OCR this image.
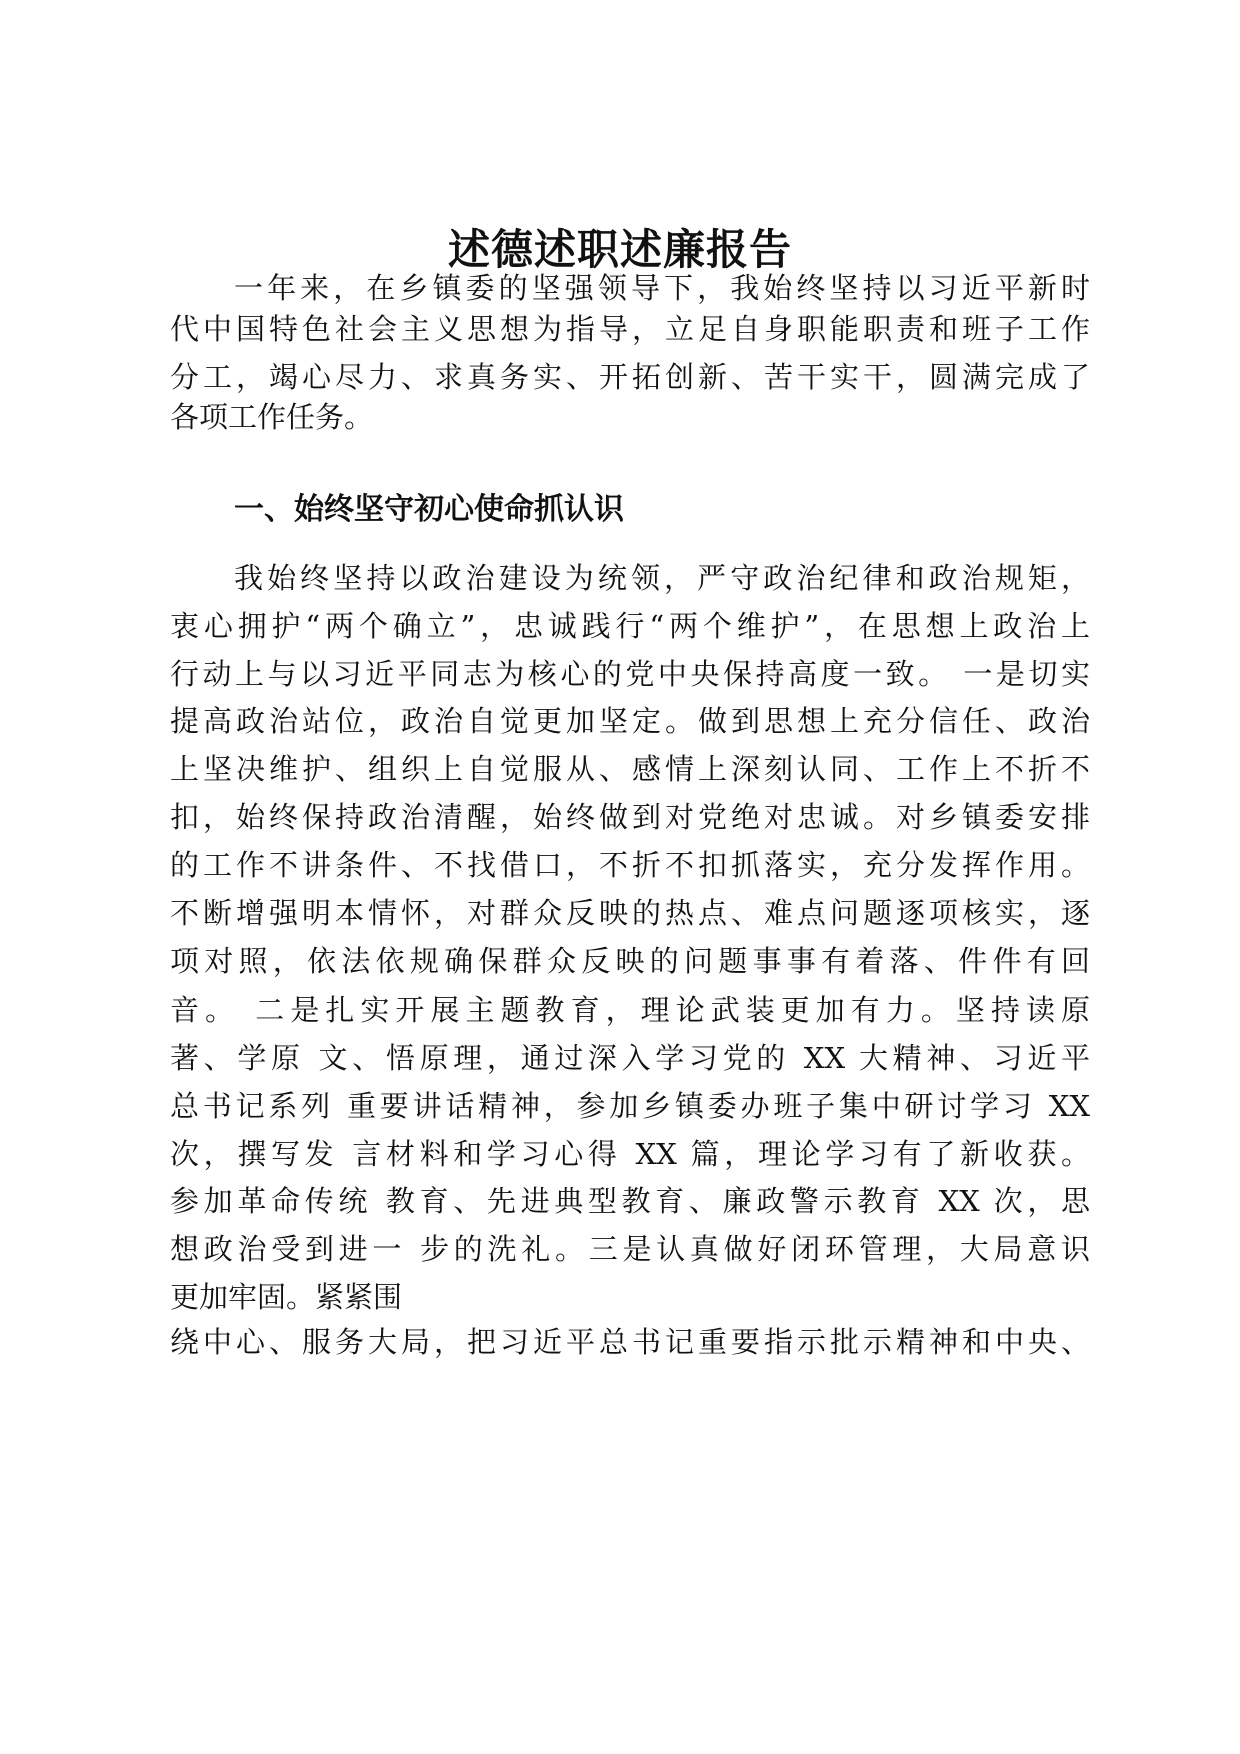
述德述职述廉报告
一年来，在乡镇委的坚强领导下，我始终坚持以习近平新时
代中国特色社会主义思想为指导，立足自身职能职责和班子工作
分工，竭心尽力、求真务实、开拓创新、苦干实干，圆满完成了
各项工作任务。
一、始终坚守初心使命抓认识
我始终坚持以政治建设为统领，严守政治纪律和政治规矩，
衷心拥护“两个确立”，忠诚践行“两个维护”，在思想上政治上
行动上与以习近平同志为核心的党中央保持高度一致。 一是切实
提高政治站位，政治自觉更加坚定。做到思想上充分信任、政治
上坚决维护、组织上自觉服从、感情上深刻认同、工作上不折不
扣，始终保持政治清醒，始终做到对党绝对忠诚。对乡镇委安排
的工作不讲条件、不找借口，不折不扣抓落实，充分发挥作用。
不断增强明本情怀，对群众反映的热点、难点问题逐项核实，逐
项对照，依法依规确保群众反映的问题事事有着落、件件有回
音。 二是扎实开展主题教育，理论武装更加有力。坚持读原
著、学原 文、悟原理，通过深入学习党的 XX 大精神、习近平
总书记系列 重要讲话精神，参加乡镇委办班子集中研讨学习 XX
次，撰写发 言材料和学习心得 XX 篇，理论学习有了新收获。
参加革命传统 教育、先进典型教育、廉政警示教育 XX 次，思
想政治受到进一 步的洗礼。三是认真做好闭环管理，大局意识
更加牢固。紧紧围
绕中心、服务大局，把习近平总书记重要指示批示精神和中央、
